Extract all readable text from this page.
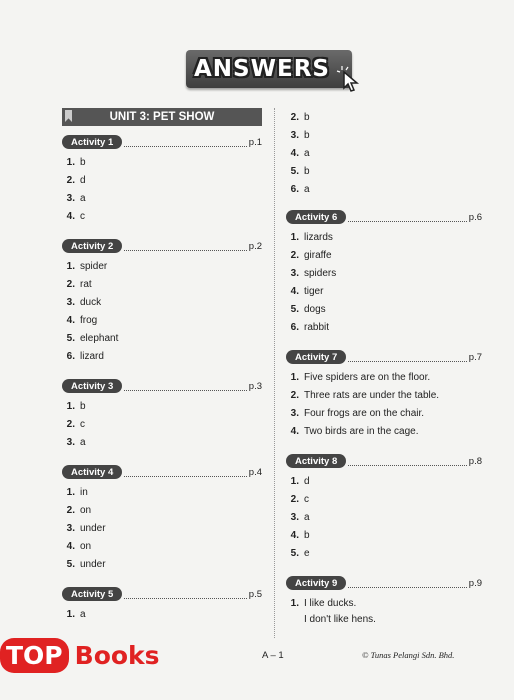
ANSWERS
UNIT 3: PET SHOW
Activity 1	p.1
1. b
2. d
3. a
4. c
Activity 2	p.2
1. spider
2. rat
3. duck
4. frog
5. elephant
6. lizard
Activity 3	p.3
1. b
2. c
3. a
Activity 4	p.4
1. in
2. on
3. under
4. on
5. under
Activity 5	p.5
1. a
2. b
3. b
4. a
5. b
6. a
Activity 6	p.6
1. lizards
2. giraffe
3. spiders
4. tiger
5. dogs
6. rabbit
Activity 7	p.7
1. Five spiders are on the floor.
2. Three rats are under the table.
3. Four frogs are on the chair.
4. Two birds are in the cage.
Activity 8	p.8
1. d
2. c
3. a
4. b
5. e
Activity 9	p.9
1. I like ducks.
I don't like hens.
A – 1	© Tunas Pelangi Sdn. Bhd.
TOP Books
